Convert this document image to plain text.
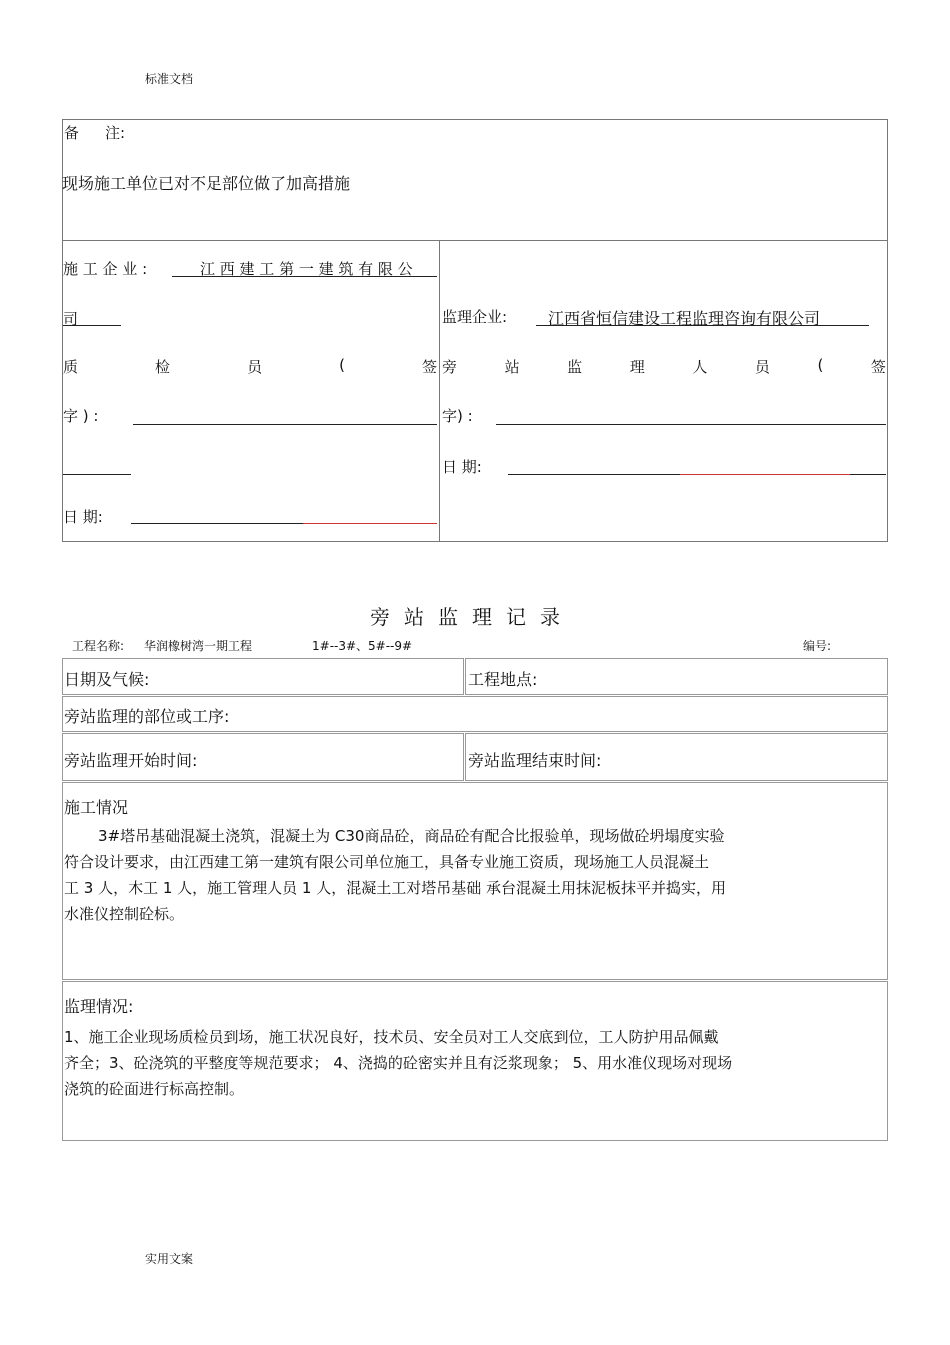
标准文档
备 注:
现场施工单位已对不足部位做了加高措施
施 工 企 业 :	江 西 建 工 第 一 建 筑 有 限 公
司
质	检	员	(	签
字 ) :
日 期:
监理企业:	江西省恒信建设工程监理咨询有限公司
旁	站	监	理	人	员	(	签
字) :
日 期:
旁站监理记录
工程名称: 华润橡树湾一期工程	1#--3#、5#--9#	编号:
日期及气候:	工程地点:
旁站监理的部位或工序:
旁站监理开始时间:	旁站监理结束时间:
施工情况
3#塔吊基础混凝土浇筑，混凝土为 C30商品砼，商品砼有配合比报验单，现场做砼坍塌度实验
符合设计要求，由江西建工第一建筑有限公司单位施工，具备专业施工资质，现场施工人员混凝土
工 3 人，木工 1 人，施工管理人员 1 人，混凝土工对塔吊基础 承台混凝土用抹泥板抹平并捣实，用
水准仪控制砼标。
监理情况:
1、施工企业现场质检员到场，施工状况良好，技术员、安全员对工人交底到位，工人防护用品佩戴
齐全；3、砼浇筑的平整度等规范要求； 4、浇捣的砼密实并且有泛浆现象； 5、用水准仪现场对现场
浇筑的砼面进行标高控制。
实用文案
